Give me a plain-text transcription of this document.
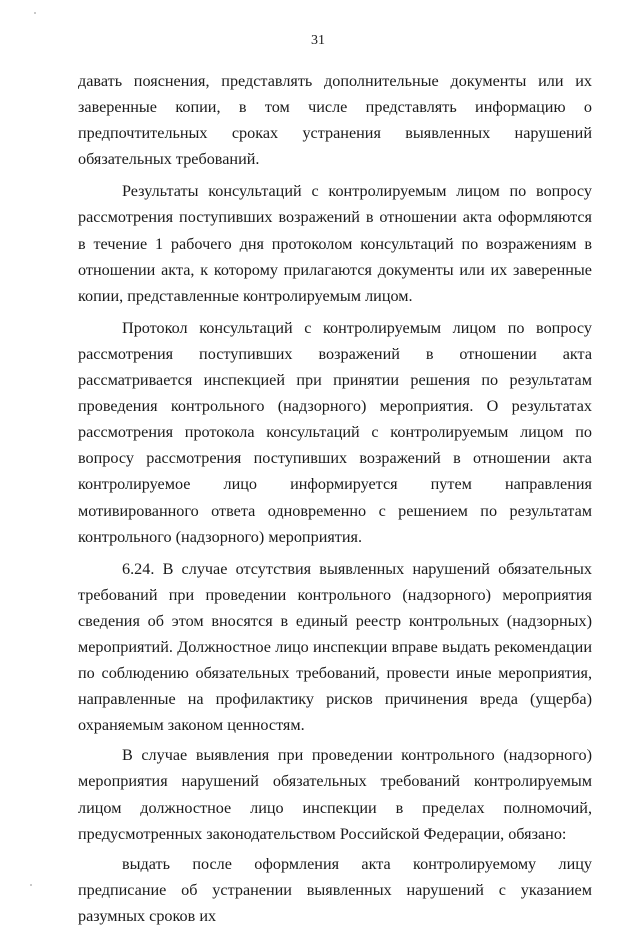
31

давать пояснения, представлять дополнительные документы или их заверенные копии, в том числе представлять информацию о предпочтительных сроках устранения выявленных нарушений обязательных требований.

Результаты консультаций с контролируемым лицом по вопросу рассмотрения поступивших возражений в отношении акта оформляются в течение 1 рабочего дня протоколом консультаций по возражениям в отношении акта, к которому прилагаются документы или их заверенные копии, представленные контролируемым лицом.

Протокол консультаций с контролируемым лицом по вопросу рассмотрения поступивших возражений в отношении акта рассматривается инспекцией при принятии решения по результатам проведения контрольного (надзорного) мероприятия. О результатах рассмотрения протокола консультаций с контролируемым лицом по вопросу рассмотрения поступивших возражений в отношении акта контролируемое лицо информируется путем направления мотивированного ответа одновременно с решением по результатам контрольного (надзорного) мероприятия.

6.24. В случае отсутствия выявленных нарушений обязательных требований при проведении контрольного (надзорного) мероприятия сведения об этом вносятся в единый реестр контрольных (надзорных) мероприятий. Должностное лицо инспекции вправе выдать рекомендации по соблюдению обязательных требований, провести иные мероприятия, направленные на профилактику рисков причинения вреда (ущерба) охраняемым законом ценностям.

В случае выявления при проведении контрольного (надзорного) мероприятия нарушений обязательных требований контролируемым лицом должностное лицо инспекции в пределах полномочий, предусмотренных законодательством Российской Федерации, обязано:

выдать после оформления акта контролируемому лицу предписание об устранении выявленных нарушений с указанием разумных сроков их
